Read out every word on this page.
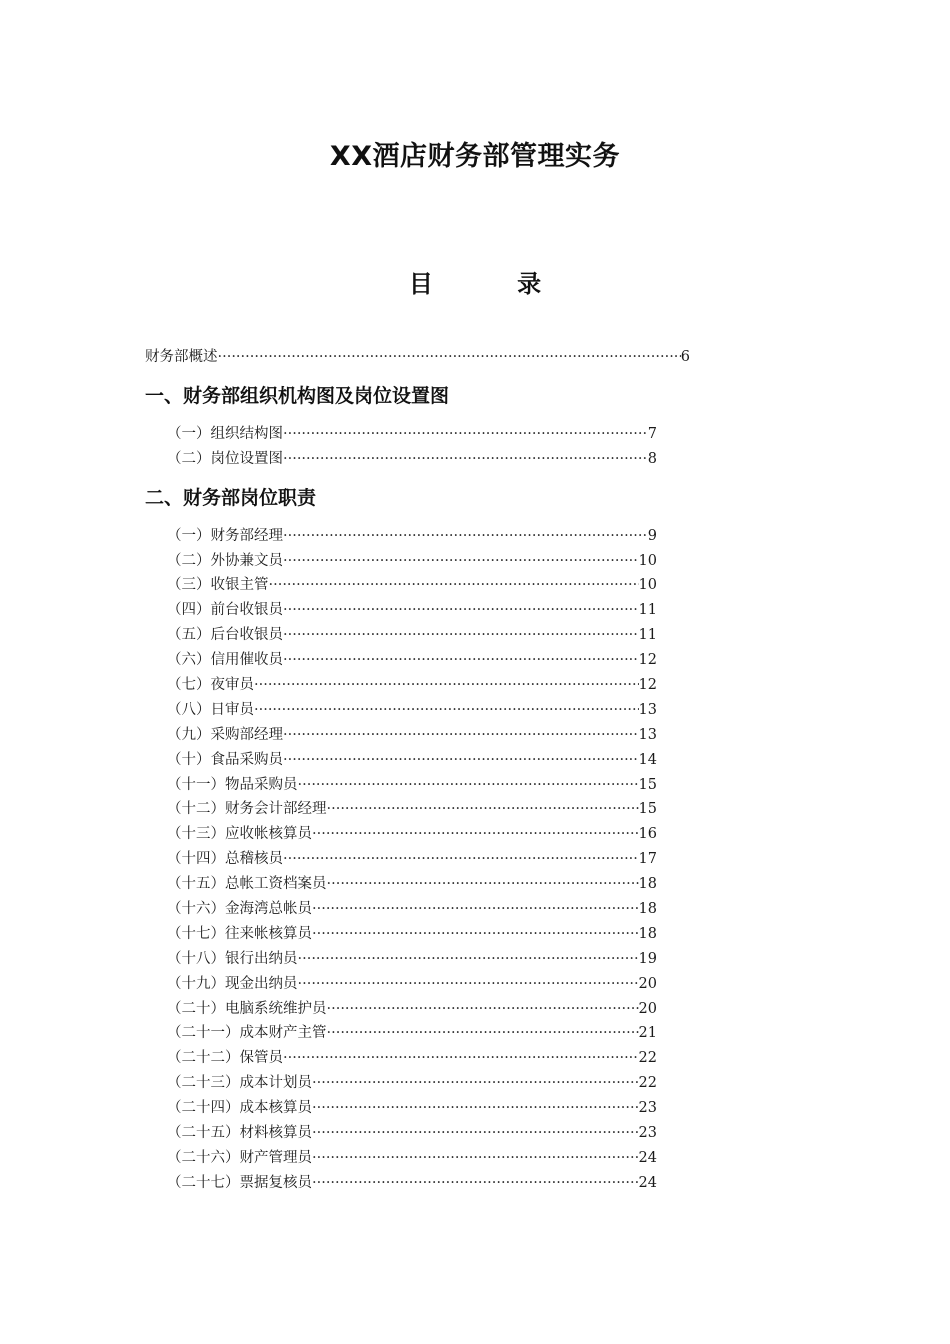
XX酒店财务部管理实务
目 录
财务部概述 ·····	6
一、财务部组织机构图及岗位设置图
（一）组织结构图 ·····	7
（二）岗位设置图 ·····	8
二、财务部岗位职责
（一）财务部经理 ·····	9
（二）外协兼文员 ·····	10
（三）收银主管 ·····	10
（四）前台收银员 ·····	11
（五）后台收银员 ·····	11
（六）信用催收员 ·····	12
（七）夜审员 ·····	12
（八）日审员 ·····	13
（九）采购部经理 ·····	13
（十）食品采购员 ·····	14
（十一）物品采购员 ·····	15
（十二）财务会计部经理 ·····	15
（十三）应收帐核算员 ·····	16
（十四）总稽核员 ·····	17
（十五）总帐工资档案员 ·····	18
（十六）金海湾总帐员 ·····	18
（十七）往来帐核算员 ·····	18
（十八）银行出纳员 ·····	19
（十九）现金出纳员 ·····	20
（二十）电脑系统维护员 ·····	20
（二十一）成本财产主管 ·····	21
（二十二）保管员 ·····	22
（二十三）成本计划员 ·····	22
（二十四）成本核算员 ·····	23
（二十五）材料核算员 ·····	23
（二十六）财产管理员 ·····	24
（二十七）票据复核员 ·····	24
